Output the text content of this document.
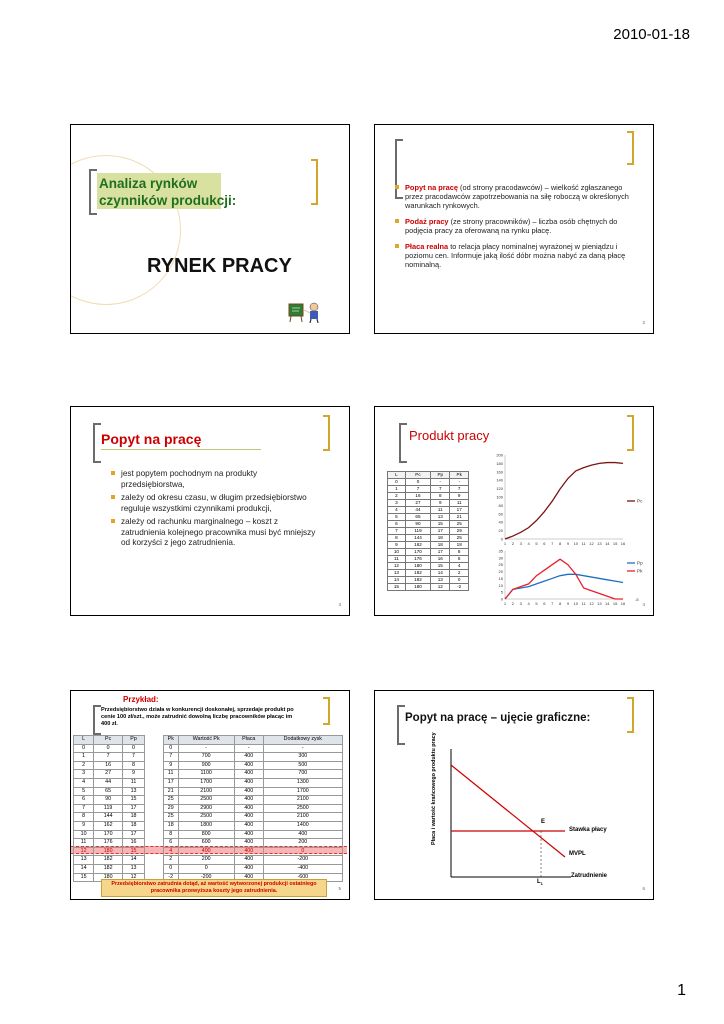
2010-01-18
Analiza rynków czynników produkcji:
RYNEK PRACY
Popyt na pracę (od strony pracodawców) – wielkość zgłaszanego przez pracodawców zapotrzebowania na siłę roboczą w określonych warunkach rynkowych.
Podaż pracy (ze strony pracowników) – liczba osób chętnych do podjęcia pracy za oferowaną na rynku płacę.
Płaca realna to relacja płacy nominalnej wyrażonej w pieniądzu i poziomu cen. Informuje jaką ilość dóbr można nabyć za daną płacę nominalną.
2
Popyt na pracę
jest popytem pochodnym na produkty przedsiębiorstwa,
zależy od okresu czasu, w długim przedsiębiorstwo reguluje wszystkimi czynnikami produkcji,
zależy od rachunku marginalnego – koszt z zatrudnienia kolejnego pracownika musi być mniejszy od korzyści z jego zatrudnienia.
3
Produkt pracy
L	Pc	Pp	Pk
0	0	-	-
1	7	7	7
2	16	8	9
3	27	9	11
4	44	11	17
5	65	13	21
6	90	15	25
7	119	17	29
8	144	18	25
9	162	18	18
10	170	17	8
11	176	16	6
12	180	15	4
13	182	14	2
14	182	13	0
15	180	12	-2
200
180
160
140
120
100
80
60
40
20
0
1 2 3 4 5 6 7 8 9 10 11 12 13 14 15 16
Pc
35
30
25
20
15
10
5
0
1 2 3 4 5 6 7 8 9 10 11 12 13 14 15 16
Pp
Pk
-5
4
Przykład:
Przedsiębiorstwo działa w konkurencji doskonałej, sprzedaje produkt po cenie 100 zł/szt., może zatrudnić dowolną liczbę pracowników płacąc im 400 zł.
L	Pc	Pp
0	0	0
1	7	7
2	16	8
3	27	9
4	44	11
5	65	13
6	90	15
7	119	17
8	144	18
9	162	18
10	170	17
11	176	16
12	180	15
13	182	14
14	182	13
15	180	12
Pk	Wartość Pk	Płaca	Dodatkowy zysk
0	-	-	-
7	700	400	300
9	900	400	500
11	1100	400	700
17	1700	400	1300
21	2100	400	1700
25	2500	400	2100
29	2900	400	2500
25	2500	400	2100
18	1800	400	1400
8	800	400	400
6	600	400	200
4	400	400	0
2	200	400	-200
0	0	400	-400
-2	-200	400	-600
Przedsiębiorstwo zatrudnia dotąd, aż wartość wytworzonej produkcji ostatniego pracownika przewyższa koszty jego zatrudnienia.	5
Popyt na pracę – ujęcie graficzne:
Płaca i wartość krańcowego produktu pracy	E
Stawka płacy
MVPL
Zatrudnienie
$L_1$
6
1
